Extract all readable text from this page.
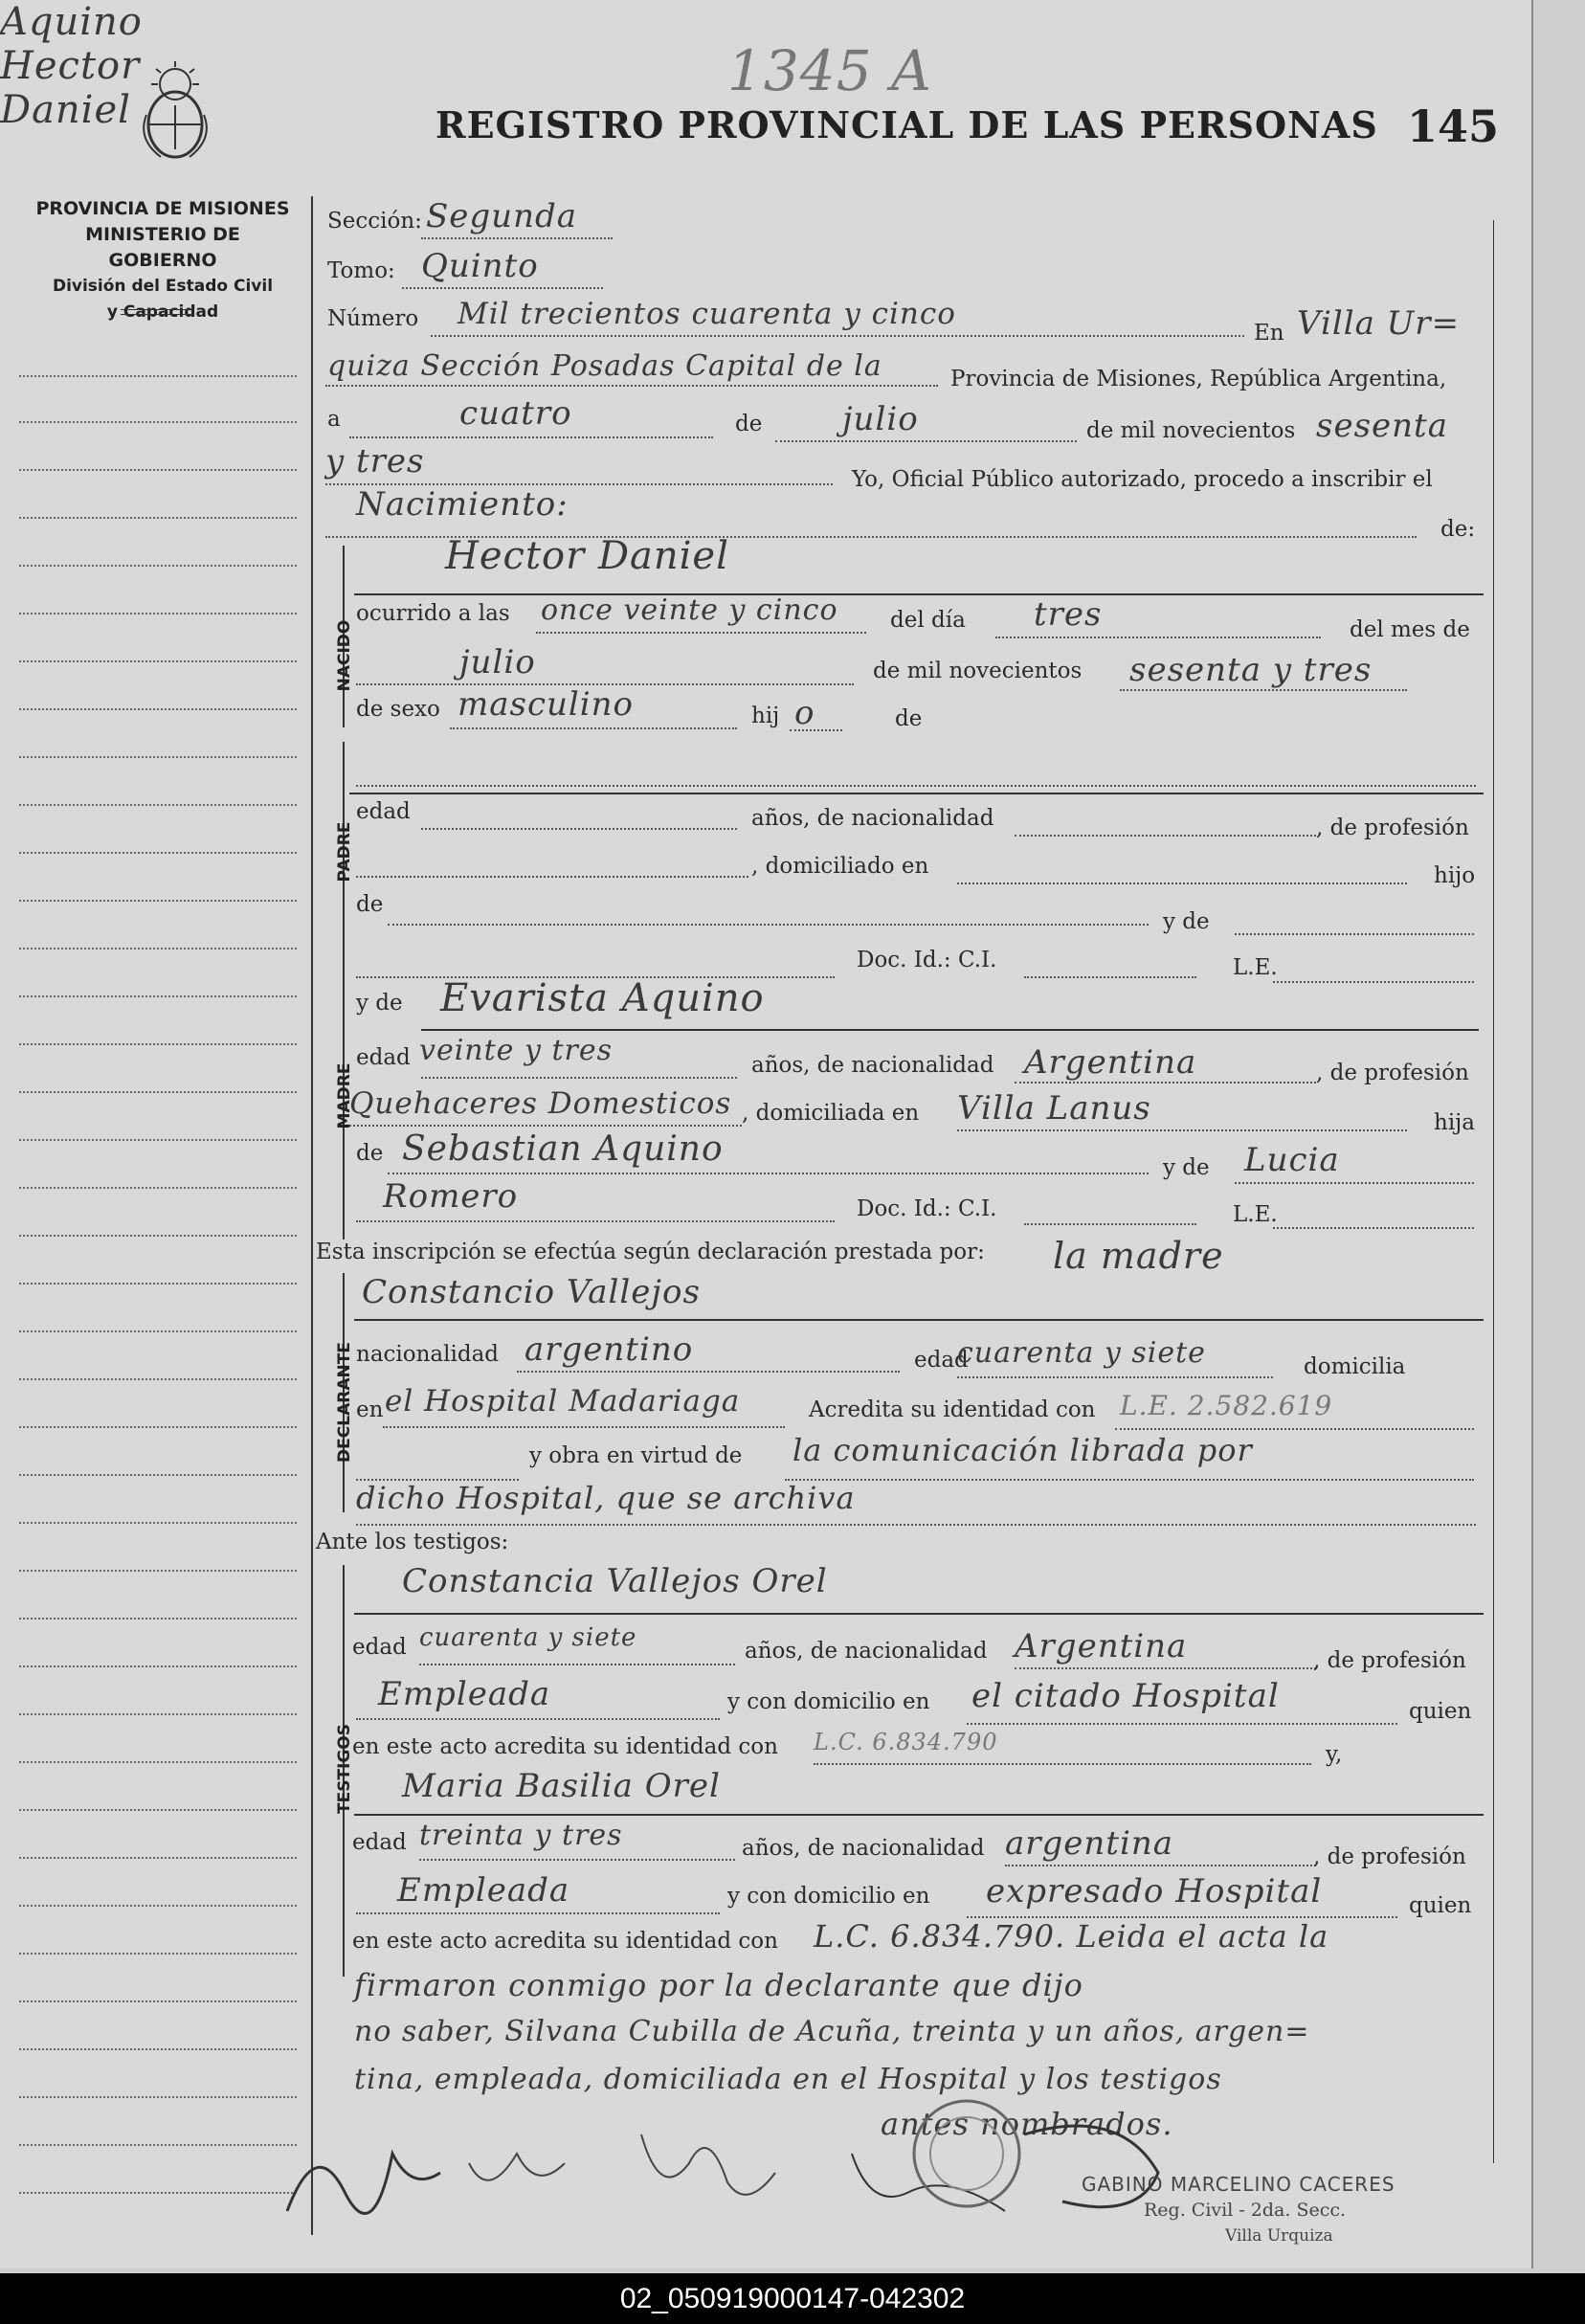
1345 A
REGISTRO PROVINCIAL DE LAS PERSONAS 145
PROVINCIA DE MISIONES
MINISTERIO DE GOBIERNO
División del Estado Civil
y Capacidad
Aquino
Hector
Daniel
Sección: Segunda
Tomo: Quinto
Número Mil trecientos cuarenta y cinco
En Villa Ur=
quiza Sección Posadas Capital de la	Provincia de Misiones, República Argentina,
a	cuatro	de julio	de mil novecientos sesenta
y tres	Yo, Oficial Público autorizado, procedo a inscribir el
Nacimiento:
de:
NACIDO
Hector Daniel
ocurrido a las once veinte y cinco del día tres	del mes de
julio	de mil novecientos sesenta y tres
de sexo masculino	hij o	de
PADRE
edad	años, de nacionalidad	, de profesión
, domiciliado en	hijo
de
y de
Doc. Id.: C.I.	L.E.
MADRE
y de Evarista Aquino
edad veinte y tres	años, de nacionalidad Argentina	, de profesión
Quehaceres Domesticos , domiciliada en Villa Lanus	hija
de Sebastian Aquino	y de Lucia
Romero	Doc. Id.: C.I.	L.E.
Esta inscripción se efectúa según declaración prestada por: la madre
DECLARANTE
Constancio Vallejos
nacionalidad argentino	edad
cuarenta y siete	domicilia
en el Hospital Madariaga	Acredita su identidad con L.E. 2.582.619
y obra en virtud de la comunicación librada por
dicho Hospital, que se archiva
Ante los testigos:
TESTIGOS
Constancia Vallejos Orel
edad cuarenta y siete	años, de nacionalidad Argentina	, de profesión
Empleada	y con domicilio en el citado Hospital	quien
en este acto acredita su identidad con L.C. 6.834.790	y,
Maria Basilia Orel
edad treinta y tres	años, de nacionalidad argentina	, de profesión
Empleada	y con domicilio en expresado Hospital	quien
en este acto acredita su identidad con L.C. 6.834.790. Leida el acta la
firmaron conmigo por la declarante que dijo
no saber, Silvana Cubilla de Acuña, treinta y un años, argen=
tina, empleada, domiciliada en el Hospital y los testigos
antes nombrados.
GABINO MARCELINO CACERES
Reg. Civil - 2da. Secc.
Villa Urquiza
02_050919000147-042302
